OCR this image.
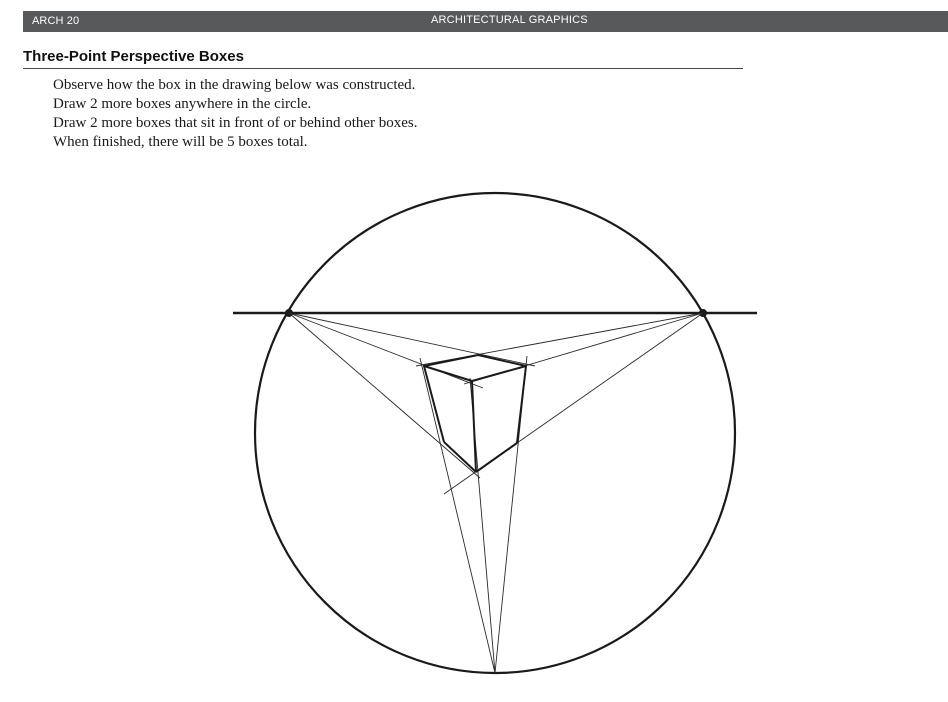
ARCH 20	ARCHITECTURAL GRAPHICS
Three-Point Perspective Boxes
Observe how the box in the drawing below was constructed.
Draw 2 more boxes anywhere in the circle.
Draw 2 more boxes that sit in front of or behind other boxes.
When finished, there will be 5 boxes total.
